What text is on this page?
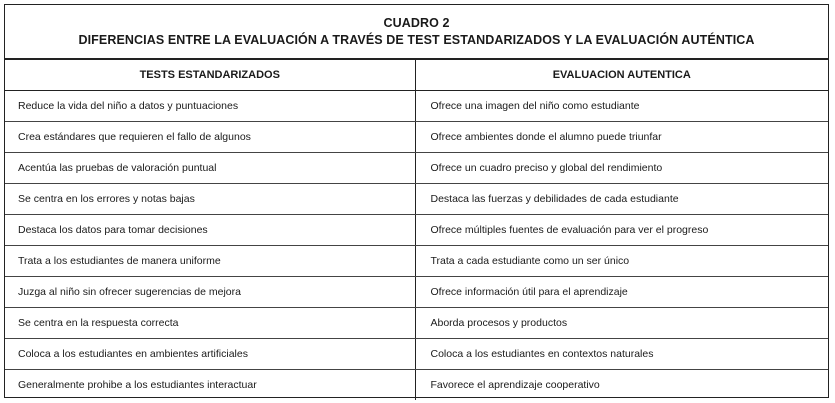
CUADRO 2
DIFERENCIAS ENTRE LA EVALUACIÓN A TRAVÉS DE TEST ESTANDARIZADOS Y LA EVALUACIÓN AUTÉNTICA
TESTS ESTANDARIZADOS	EVALUACION AUTENTICA
Reduce la vida del niño a datos y puntuaciones	Ofrece una imagen del niño como estudiante
Crea estándares que requieren el fallo de algunos	Ofrece ambientes donde el alumno puede triunfar
Acentúa las pruebas de valoración puntual	Ofrece un cuadro preciso y global del rendimiento
Se centra en los errores y notas bajas	Destaca las fuerzas y debilidades de cada estudiante
Destaca los datos para tomar decisiones	Ofrece múltiples fuentes de evaluación para ver el progreso
Trata a los estudiantes de manera uniforme	Trata a cada estudiante como un ser único
Juzga al niño sin ofrecer sugerencias de mejora	Ofrece información útil para el aprendizaje
Se centra en la respuesta correcta	Aborda procesos y productos
Coloca a los estudiantes en ambientes artificiales	Coloca a los estudiantes en contextos naturales
Generalmente prohibe a los estudiantes interactuar	Favorece el aprendizaje cooperativo
